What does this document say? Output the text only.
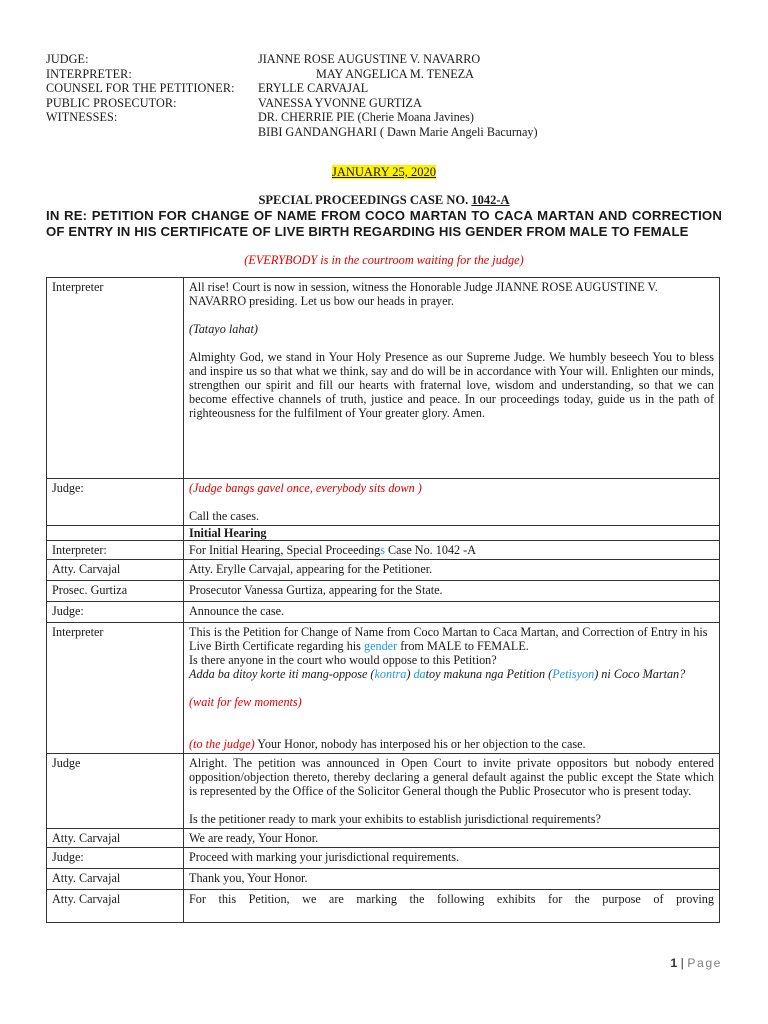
JUDGE:	JIANNE ROSE AUGUSTINE V. NAVARRO
INTERPRETER:	MAY ANGELICA M. TENEZA
COUNSEL FOR THE PETITIONER:	ERYLLE CARVAJAL
PUBLIC PROSECUTOR:	VANESSA YVONNE GURTIZA
WITNESSES:	DR. CHERRIE PIE (Cherie Moana Javines)
BIBI GANDANGHARI ( Dawn Marie Angeli Bacurnay)
JANUARY 25, 2020
SPECIAL PROCEEDINGS CASE NO. 1042-A
IN RE: PETITION FOR CHANGE OF NAME FROM COCO MARTAN TO CACA MARTAN AND CORRECTION OF ENTRY IN HIS CERTIFICATE OF LIVE BIRTH REGARDING HIS GENDER FROM MALE TO FEMALE
(EVERYBODY is in the courtroom waiting for the judge)
Interpreter	All rise! Court is now in session, witness the Honorable Judge JIANNE ROSE AUGUSTINE V. NAVARRO presiding. Let us bow our heads in prayer.

(Tatayo lahat)

Almighty God, we stand in Your Holy Presence as our Supreme Judge. We humbly beseech You to bless and inspire us so that what we think, say and do will be in accordance with Your will. Enlighten our minds, strengthen our spirit and fill our hearts with fraternal love, wisdom and understanding, so that we can become effective channels of truth, justice and peace. In our proceedings today, guide us in the path of righteousness for the fulfilment of Your greater glory. Amen.

Judge:	(Judge bangs gavel once, everybody sits down )

Call the cases.

	Initial Hearing
Interpreter:	For Initial Hearing, Special Proceedings Case No. 1042 -A
Atty. Carvajal	Atty. Erylle Carvajal, appearing for the Petitioner.
Prosec. Gurtiza	Prosecutor Vanessa Gurtiza, appearing for the State.
Judge:	Announce the case.
Interpreter	This is the Petition for Change of Name from Coco Martan to Caca Martan, and Correction of Entry in his Live Birth Certificate regarding his gender from MALE to FEMALE.

Is there anyone in the court who would oppose to this Petition?

Adda ba ditoy korte iti mang-oppose (kontra) datoy makuna nga Petition (Petisyon) ni Coco Martan?

(wait for few moments)

(to the judge) Your Honor, nobody has interposed his or her objection to the case.

Judge	Alright. The petition was announced in Open Court to invite private oppositors but nobody entered opposition/objection thereto, thereby declaring a general default against the public except the State which is represented by the Office of the Solicitor General though the Public Prosecutor who is present today.

Is the petitioner ready to mark your exhibits to establish jurisdictional requirements?

Atty. Carvajal	We are ready, Your Honor.
Judge:	Proceed with marking your jurisdictional requirements.
Atty. Carvajal	Thank you, Your Honor.
Atty. Carvajal	For this Petition, we are marking the following exhibits for the purpose of proving
1 | Page
